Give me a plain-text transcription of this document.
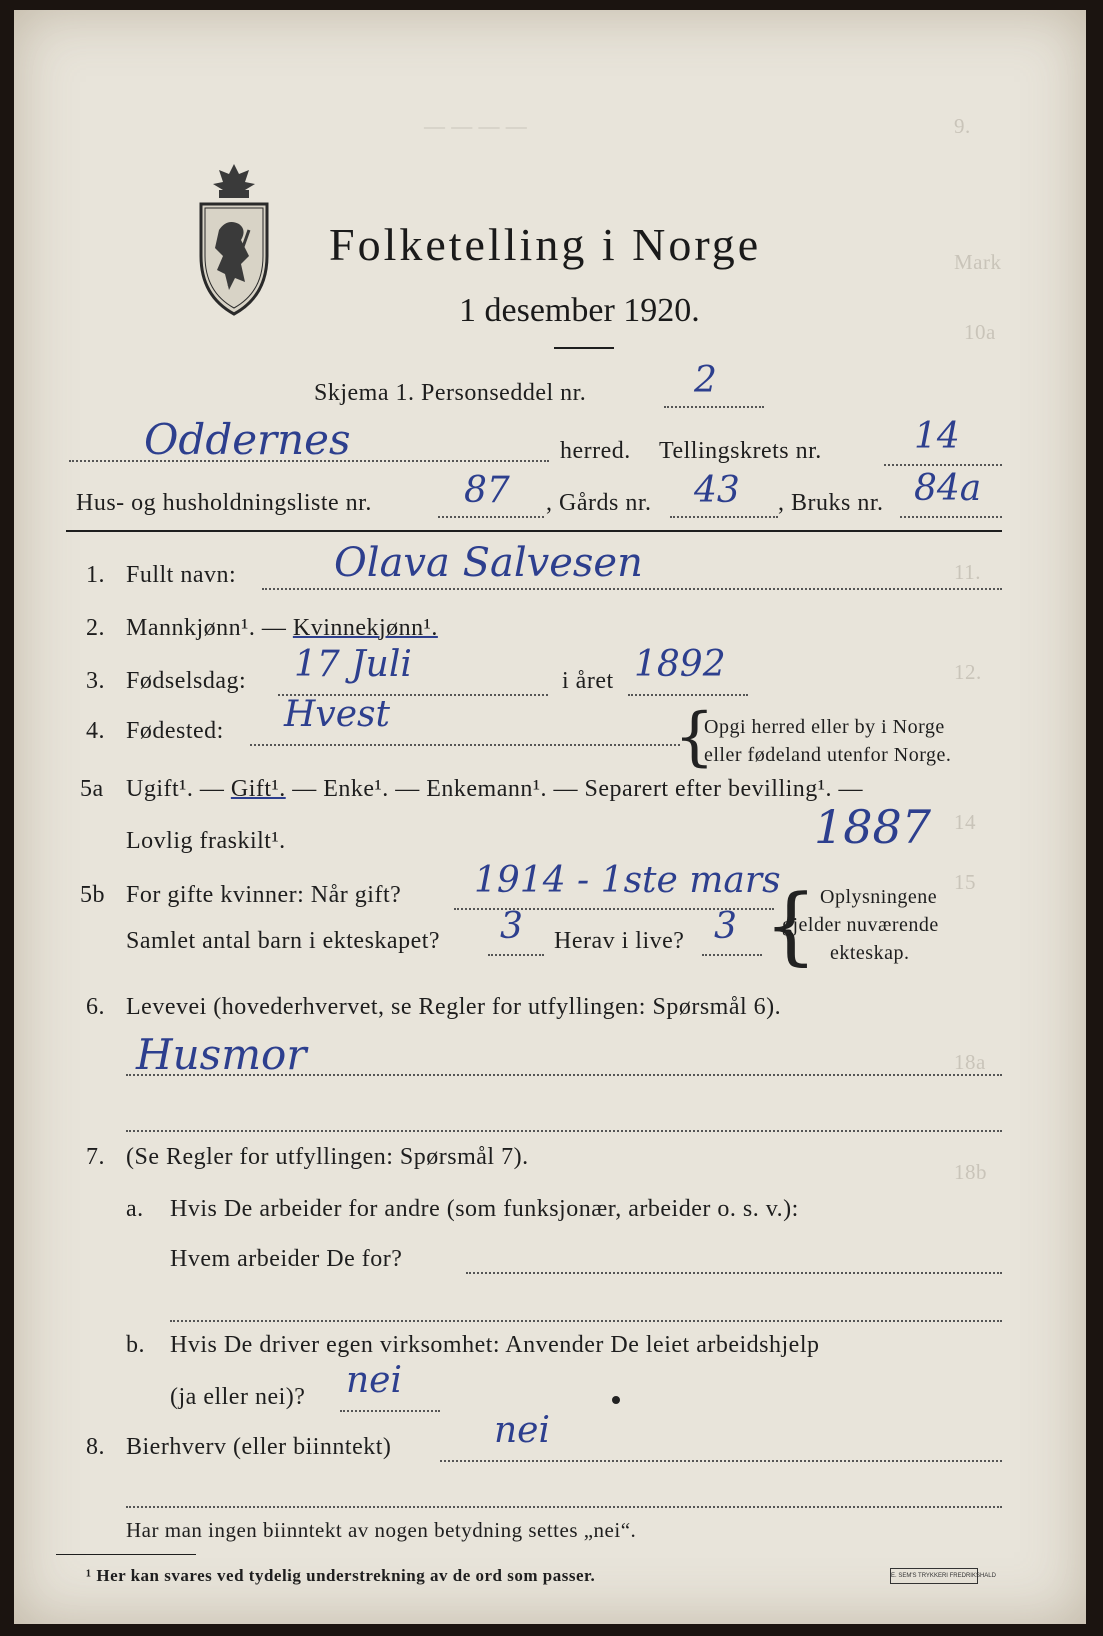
9.
— — — —
Mark
10a
11.
12.
14
15
18a
18b
Folketelling i Norge
1 desember 1920.
Skjema 1. Personseddel nr.	2
Oddernes	herred. Tellingskrets nr.	14
Hus- og husholdningsliste nr.	87 , Gårds nr. 43 , Bruks nr. 84a
1. Fullt navn: Olava Salvesen
2. Mannkjønn¹. — Kvinnekjønn¹.
3. Fødselsdag: 17 Juli	i året 1892
4. Fødested: Hvest	{
Opgi herred eller by i Norge
eller fødeland utenfor Norge.
5a Ugift¹. — Gift¹. — Enke¹. — Enkemann¹. — Separert efter bevilling¹. —
Lovlig fraskilt¹.	1887
5b For gifte kvinner: Når gift? 1914 - 1ste mars
Samlet antal barn i ekteskapet? 3 Herav i live? 3 { Oplysningene
gjelder nuværende
ekteskap.
6. Levevei (hovederhvervet, se Regler for utfyllingen: Spørsmål 6).
Husmor
7. (Se Regler for utfyllingen: Spørsmål 7).
a. Hvis De arbeider for andre (som funksjonær, arbeider o. s. v.):
Hvem arbeider De for?
b. Hvis De driver egen virksomhet: Anvender De leiet arbeidshjelp
(ja eller nei)? nei
8. Bierhverv (eller biinntekt)	nei
Har man ingen biinntekt av nogen betydning settes „nei“.
¹ Her kan svares ved tydelig understrekning av de ord som passer.	E. SEM'S TRYKKERI FREDRIKSHALD
